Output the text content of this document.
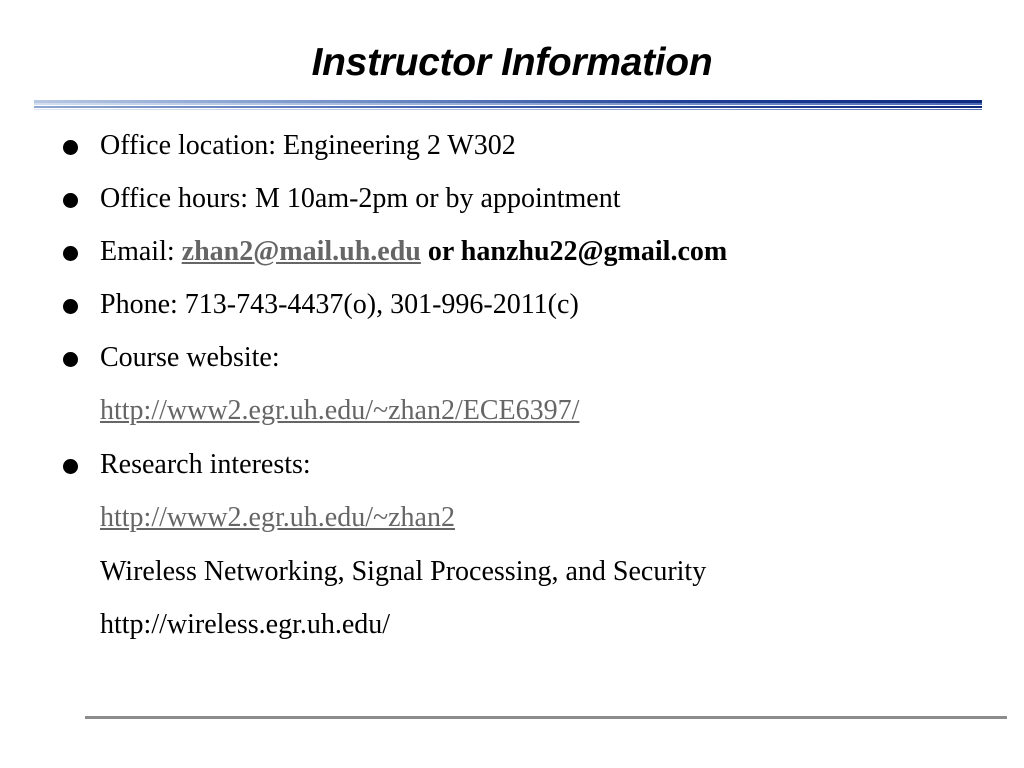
Instructor Information
Office location: Engineering 2 W302
Office hours: M 10am-2pm or by appointment
Email: zhan2@mail.uh.edu or hanzhu22@gmail.com
Phone: 713-743-4437(o), 301-996-2011(c)
Course website:
http://www2.egr.uh.edu/~zhan2/ECE6397/
Research interests:
http://www2.egr.uh.edu/~zhan2
Wireless Networking, Signal Processing, and Security
http://wireless.egr.uh.edu/
